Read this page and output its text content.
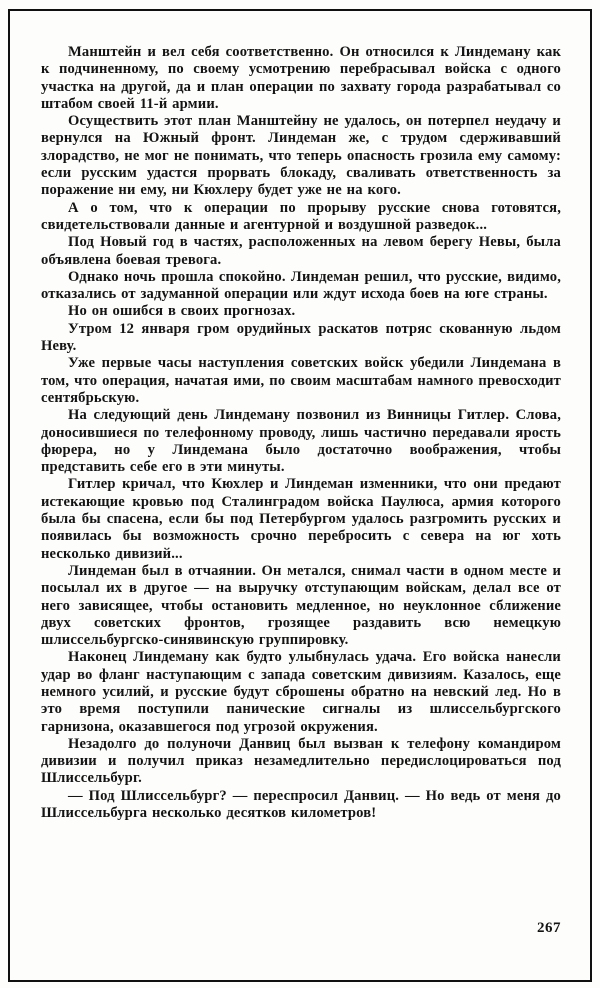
Манштейн и вел себя соответственно. Он относился к Линдеману как к подчиненному, по своему усмотрению перебрасывал войска с одного участка на другой, да и план операции по захвату города разрабатывал со штабом своей 11-й армии.

Осуществить этот план Манштейну не удалось, он потерпел неудачу и вернулся на Южный фронт. Линдеман же, с трудом сдерживавший злорадство, не мог не понимать, что теперь опасность грозила ему самому: если русским удастся прорвать блокаду, сваливать ответственность за поражение ни ему, ни Кюхлеру будет уже не на кого.

А о том, что к операции по прорыву русские снова готовятся, свидетельствовали данные и агентурной и воздушной разведок...

Под Новый год в частях, расположенных на левом берегу Невы, была объявлена боевая тревога.

Однако ночь прошла спокойно. Линдеман решил, что русские, видимо, отказались от задуманной операции или ждут исхода боев на юге страны.

Но он ошибся в своих прогнозах.

Утром 12 января гром орудийных раскатов потряс скованную льдом Неву.

Уже первые часы наступления советских войск убедили Линдемана в том, что операция, начатая ими, по своим масштабам намного превосходит сентябрьскую.

На следующий день Линдеману позвонил из Винницы Гитлер. Слова, доносившиеся по телефонному проводу, лишь частично передавали ярость фюрера, но у Линдемана было достаточно воображения, чтобы представить себе его в эти минуты.

Гитлер кричал, что Кюхлер и Линдеман изменники, что они предают истекающие кровью под Сталинградом войска Паулюса, армия которого была бы спасена, если бы под Петербургом удалось разгромить русских и появилась бы возможность срочно перебросить с севера на юг хоть несколько дивизий...

Линдеман был в отчаянии. Он метался, снимал части в одном месте и посылал их в другое — на выручку отступающим войскам, делал все от него зависящее, чтобы остановить медленное, но неуклонное сближение двух советских фронтов, грозящее раздавить всю немецкую шлиссельбургско-синявинскую группировку.

Наконец Линдеману как будто улыбнулась удача. Его войска нанесли удар во фланг наступающим с запада советским дивизиям. Казалось, еще немного усилий, и русские будут сброшены обратно на невский лед. Но в это время поступили панические сигналы из шлиссельбургского гарнизона, оказавшегося под угрозой окружения.

Незадолго до полуночи Данвиц был вызван к телефону командиром дивизии и получил приказ незамедлительно передислоцироваться под Шлиссельбург.

— Под Шлиссельбург? — переспросил Данвиц. — Но ведь от меня до Шлиссельбурга несколько десятков километров!

267
